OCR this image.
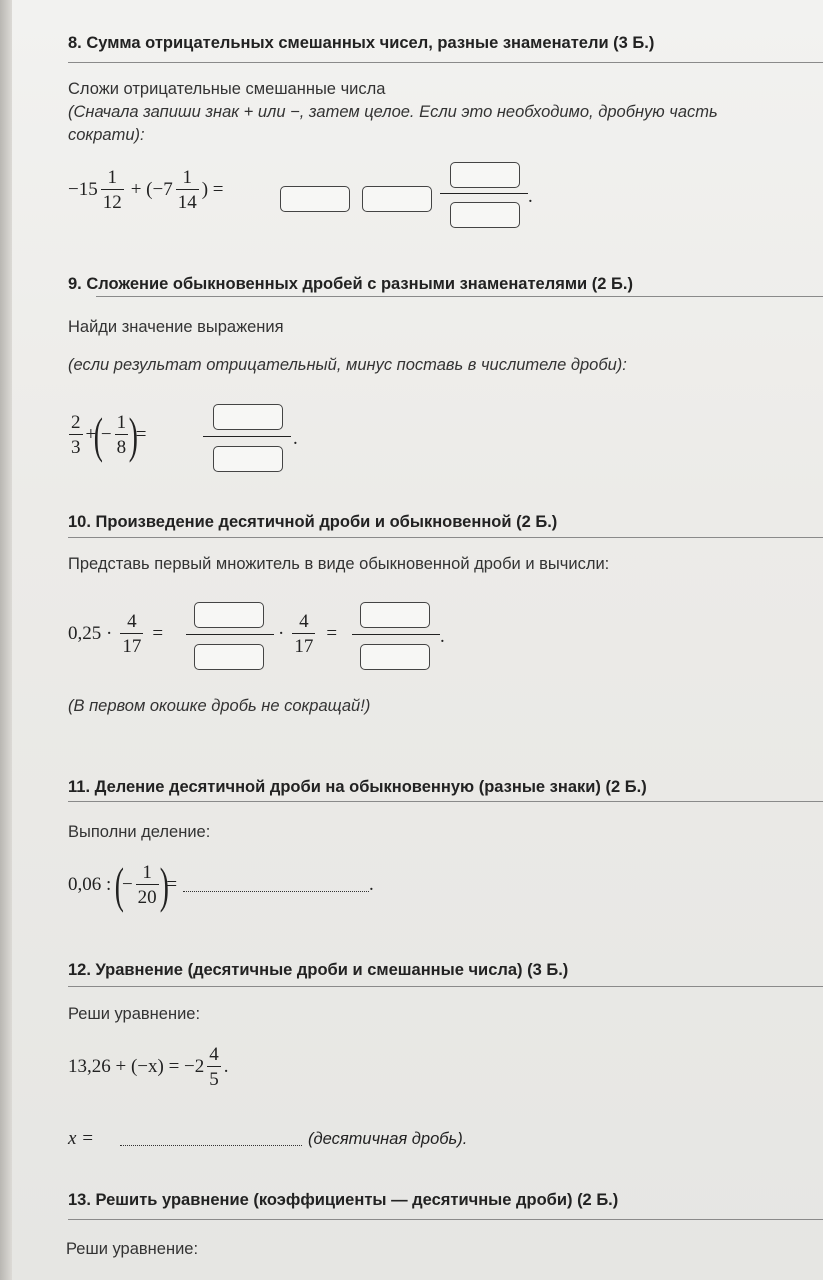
8. Сумма отрицательных смешанных чисел, разные знаменатели (3 Б.)
Сложи отрицательные смешанные числа
(Сначала запиши знак + или −, затем целое. Если это необходимо, дробную часть
сократи):
$-15 \frac{1}{12} + (-7 \frac{1}{14}$ ) =	.
9. Сложение обыкновенных дробей с разными знаменателями (2 Б.)
Найди значение выражения
(если результат отрицательный, минус поставь в числителе дроби):
$\frac{2}{3}$ +
(
− $\frac{1}{8}$ )
=	.
10. Произведение десятичной дроби и обыкновенной (2 Б.)
Представь первый множитель в виде обыкновенной дроби и вычисли:
$0,25 \cdot \frac{4}{17}$ =	· $\frac{4}{17}$ =	.
(В первом окошке дробь не сокращай!)
11. Деление десятичной дроби на обыкновенную (разные знаки) (2 Б.)
Выполни деление:
0,06 : (
− $\frac{1}{20}$ )
=	.
12. Уравнение (десятичные дроби и смешанные числа) (3 Б.)
Реши уравнение:
$13,26 + (-x) = -2 \frac{4}{5}$ .
x =	(десятичная дробь).
13. Решить уравнение (коэффициенты — десятичные дроби) (2 Б.)
Реши уравнение:
